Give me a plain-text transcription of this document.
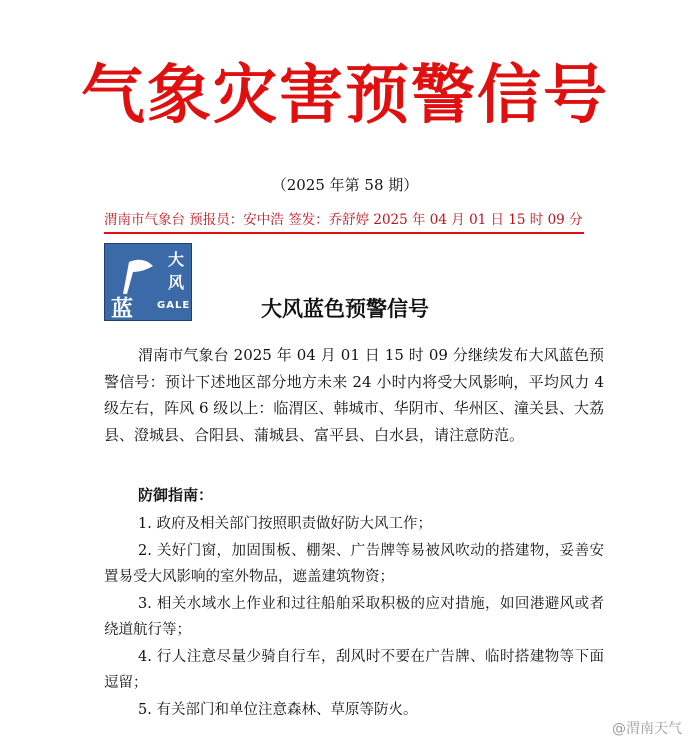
气象灾害预警信号
（2025 年第 58 期）
渭南市气象台 预报员：安中浩 签发：乔舒婷 2025 年 04 月 01 日 15 时 09 分
大风
蓝 GALE	大风蓝色预警信号

渭南市气象台 2025 年 04 月 01 日 15 时 09 分继续发布大风蓝色预警信号：预计下述地区部分地方未来 24 小时内将受大风影响，平均风力 4 级左右，阵风 6 级以上：临渭区、韩城市、华阴市、华州区、潼关县、大荔县、澄城县、合阳县、蒲城县、富平县、白水县，请注意防范。

防御指南：
1. 政府及相关部门按照职责做好防大风工作；
2. 关好门窗，加固围板、棚架、广告牌等易被风吹动的搭建物，妥善安置易受大风影响的室外物品，遮盖建筑物资；
3. 相关水域水上作业和过往船舶采取积极的应对措施，如回港避风或者绕道航行等；
4. 行人注意尽量少骑自行车，刮风时不要在广告牌、临时搭建物等下面逗留；
5. 有关部门和单位注意森林、草原等防火。
@渭南天气
